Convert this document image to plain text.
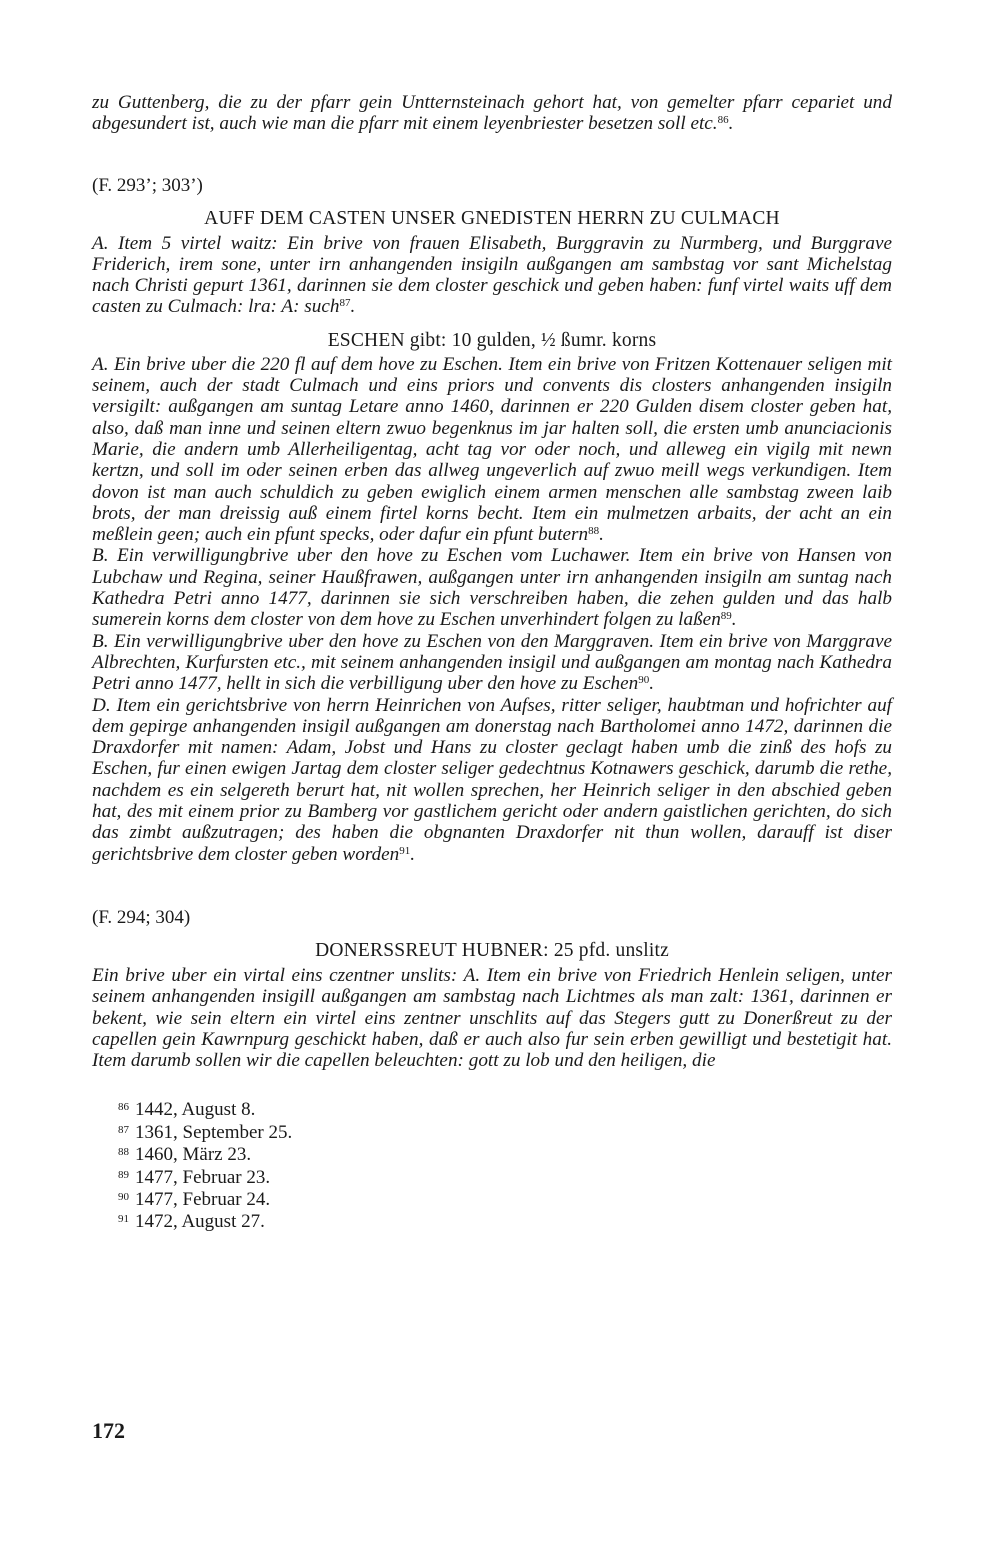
zu Guttenberg, die zu der pfarr gein Untternsteinach gehort hat, von gemelter pfarr cepariet und abgesundert ist, auch wie man die pfarr mit einem leyenbriester besetzen soll etc.$^{86}$.

(F. 293’; 303’)

AUFF DEM CASTEN UNSER GNEDISTEN HERRN ZU CULMACH

A. Item 5 virtel waitz: Ein brive von frauen Elisabeth, Burggravin zu Nurmberg, und Burggrave Friderich, irem sone, unter irn anhangenden insigiln außgangen am sambstag vor sant Michelstag nach Christi gepurt 1361, darinnen sie dem closter geschick und geben haben: funf virtel waits uff dem casten zu Culmach: lra: A: such$^{87}$.

ESCHEN gibt: 10 gulden, ½ ßumr. korns

A. Ein brive uber die 220 fl auf dem hove zu Eschen. Item ein brive von Fritzen Kottenauer seligen mit seinem, auch der stadt Culmach und eins priors und convents dis closters anhangenden insigiln versigilt: außgangen am suntag Letare anno 1460, darinnen er 220 Gulden disem closter geben hat, also, daß man inne und seinen eltern zwuo begenknus im jar halten soll, die ersten umb anunciacionis Marie, die andern umb Allerheiligentag, acht tag vor oder noch, und alleweg ein vigilg mit newn kertzn, und soll im oder seinen erben das allweg ungeverlich auf zwuo meill wegs verkundigen. Item dovon ist man auch schuldich zu geben ewiglich einem armen menschen alle sambstag zween laib brots, der man dreissig auß einem firtel korns becht. Item ein mulmetzen arbaits, der acht an ein meßlein geen; auch ein pfunt specks, oder dafur ein pfunt butern$^{88}$.

B. Ein verwilligungbrive uber den hove zu Eschen vom Luchawer. Item ein brive von Hansen von Lubchaw und Regina, seiner Haußfrawen, außgangen unter irn anhangenden insigiln am suntag nach Kathedra Petri anno 1477, darinnen sie sich verschreiben haben, die zehen gulden und das halb sumerein korns dem closter von dem hove zu Eschen unverhindert folgen zu laßen$^{89}$.

B. Ein verwilligungbrive uber den hove zu Eschen von den Marggraven. Item ein brive von Marggrave Albrechten, Kurfursten etc., mit seinem anhangenden insigil und außgangen am montag nach Kathedra Petri anno 1477, hellt in sich die verbilligung uber den hove zu Eschen$^{90}$.

D. Item ein gerichtsbrive von herrn Heinrichen von Aufses, ritter seliger, haubtman und hofrichter auf dem gepirge anhangenden insigil außgangen am donerstag nach Bartholomei anno 1472, darinnen die Draxdorfer mit namen: Adam, Jobst und Hans zu closter geclagt haben umb die zinß des hofs zu Eschen, fur einen ewigen Jartag dem closter seliger gedechtnus Kotnawers geschick, darumb die rethe, nachdem es ein selgereth berurt hat, nit wollen sprechen, her Heinrich seliger in den abschied geben hat, des mit einem prior zu Bamberg vor gastlichem gericht oder andern gaistlichen gerichten, do sich das zimbt außzutragen; des haben die obgnanten Draxdorfer nit thun wollen, darauff ist diser gerichtsbrive dem closter geben worden$^{91}$.

(F. 294; 304)

DONERSSREUT HUBNER: 25 pfd. unslitz

Ein brive uber ein virtal eins czentner unslits: A. Item ein brive von Friedrich Henlein seligen, unter seinem anhangenden insigill außgangen am sambstag nach Lichtmes als man zalt: 1361, darinnen er bekent, wie sein eltern ein virtel eins zentner unschlits auf das Stegers gutt zu Donerßreut zu der capellen gein Kawrnpurg geschickt haben, daß er auch also fur sein erben gewilligt und bestetigit hat. Item darumb sollen wir die capellen beleuchten: gott zu lob und den heiligen, die

$^{86}$ 1442, August 8.

$^{87}$ 1361, September 25.

$^{88}$ 1460, März 23.

$^{89}$ 1477, Februar 23.

$^{90}$ 1477, Februar 24.

$^{91}$ 1472, August 27.

172
